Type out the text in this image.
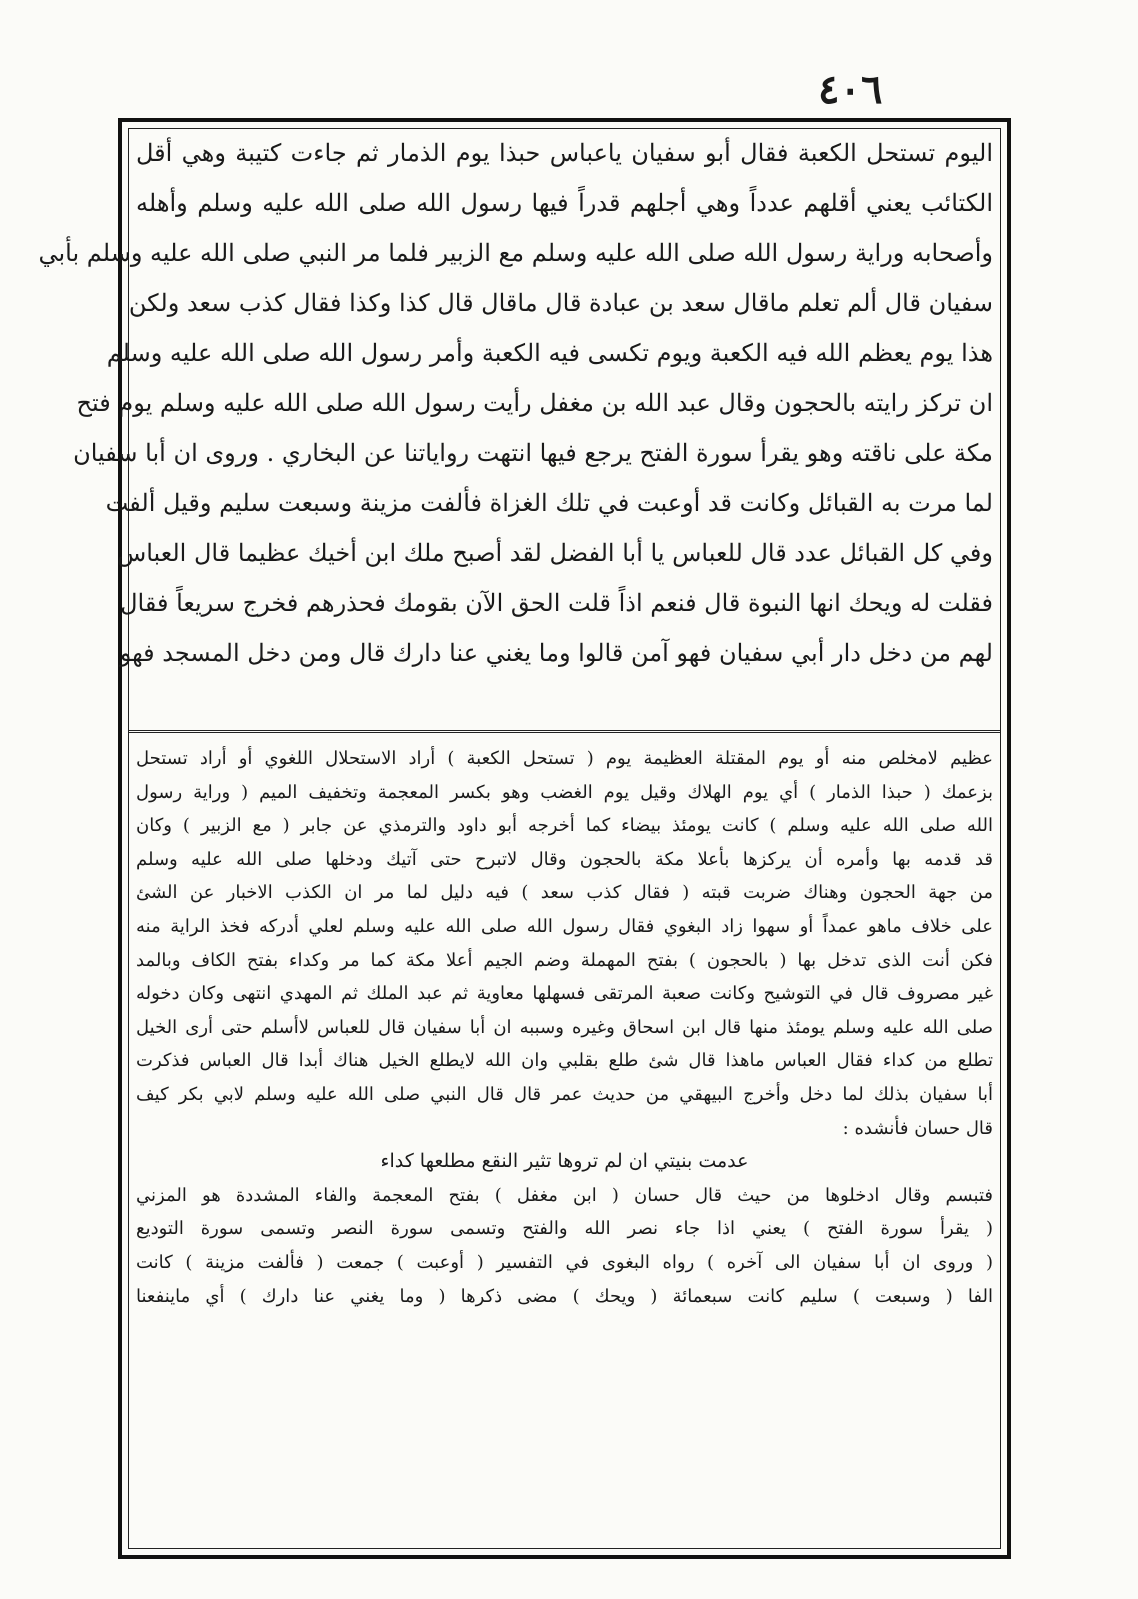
٤٠٦

اليوم تستحل الكعبة فقال أبو سفيان ياعباس حبذا يوم الذمار ثم جاءت كتيبة وهي أقل

الكتائب يعني أقلهم عدداً وهي أجلهم قدراً فيها رسول الله صلى الله عليه وسلم وأهله

وأصحابه وراية رسول الله صلى الله عليه وسلم مع الزبير فلما مر النبي صلى الله عليه وسلم بأبي

سفيان قال ألم تعلم ماقال سعد بن عبادة قال ماقال قال كذا وكذا فقال كذب سعد ولكن

هذا يوم يعظم الله فيه الكعبة ويوم تكسى فيه الكعبة وأمر رسول الله صلى الله عليه وسلم

ان تركز رايته بالحجون وقال عبد الله بن مغفل رأيت رسول الله صلى الله عليه وسلم يوم فتح

مكة على ناقته وهو يقرأ سورة الفتح يرجع فيها انتهت رواياتنا عن البخاري . وروى ان أبا سفيان

لما مرت به القبائل وكانت قد أوعبت في تلك الغزاة فألفت مزينة وسبعت سليم وقيل ألفت

وفي كل القبائل عدد قال للعباس يا أبا الفضل لقد أصبح ملك ابن أخيك عظيما قال العباس

فقلت له ويحك انها النبوة قال فنعم اذاً قلت الحق الآن بقومك فحذرهم فخرج سريعاً فقال

لهم من دخل دار أبي سفيان فهو آمن قالوا وما يغني عنا دارك قال ومن دخل المسجد فهو

عظيم لامخلص منه أو يوم المقتلة العظيمة يوم ( تستحل الكعبة ) أراد الاستحلال اللغوي أو أراد تستحل

بزعمك ( حبذا الذمار ) أي يوم الهلاك وقيل يوم الغضب وهو بكسر المعجمة وتخفيف الميم ( وراية رسول

الله صلى الله عليه وسلم ) كانت يومئذ بيضاء كما أخرجه أبو داود والترمذي عن جابر ( مع الزبير ) وكان

قد قدمه بها وأمره أن يركزها بأعلا مكة بالحجون وقال لاتبرح حتى آتيك ودخلها صلى الله عليه وسلم

من جهة الحجون وهناك ضربت قبته ( فقال كذب سعد ) فيه دليل لما مر ان الكذب الاخبار عن الشئ

على خلاف ماهو عمداً أو سهوا زاد البغوي فقال رسول الله صلى الله عليه وسلم لعلي أدركه فخذ الراية منه

فكن أنت الذى تدخل بها ( بالحجون ) بفتح المهملة وضم الجيم أعلا مكة كما مر وكداء بفتح الكاف وبالمد

غير مصروف قال في التوشيح وكانت صعبة المرتقى فسهلها معاوية ثم عبد الملك ثم المهدي انتهى وكان دخوله

صلى الله عليه وسلم يومئذ منها قال ابن اسحاق وغيره وسببه ان أبا سفيان قال للعباس لاأسلم حتى أرى الخيل

تطلع من كداء فقال العباس ماهذا قال شئ طلع بقلبي وان الله لايطلع الخيل هناك أبدا قال العباس فذكرت

أبا سفيان بذلك لما دخل وأخرج البيهقي من حديث عمر قال قال النبي صلى الله عليه وسلم لابي بكر كيف

قال حسان فأنشده :

عدمت بنيتي ان لم تروها تثير النقع مطلعها كداء

فتبسم وقال ادخلوها من حيث قال حسان ( ابن مغفل ) بفتح المعجمة والفاء المشددة هو المزني

( يقرأ سورة الفتح ) يعني اذا جاء نصر الله والفتح وتسمى سورة النصر وتسمى سورة التوديع

( وروى ان أبا سفيان الى آخره ) رواه البغوى في التفسير ( أوعبت ) جمعت ( فألفت مزينة ) كانت

الفا ( وسبعت ) سليم كانت سبعمائة ( ويحك ) مضى ذكرها ( وما يغني عنا دارك ) أي ماينفعنا
